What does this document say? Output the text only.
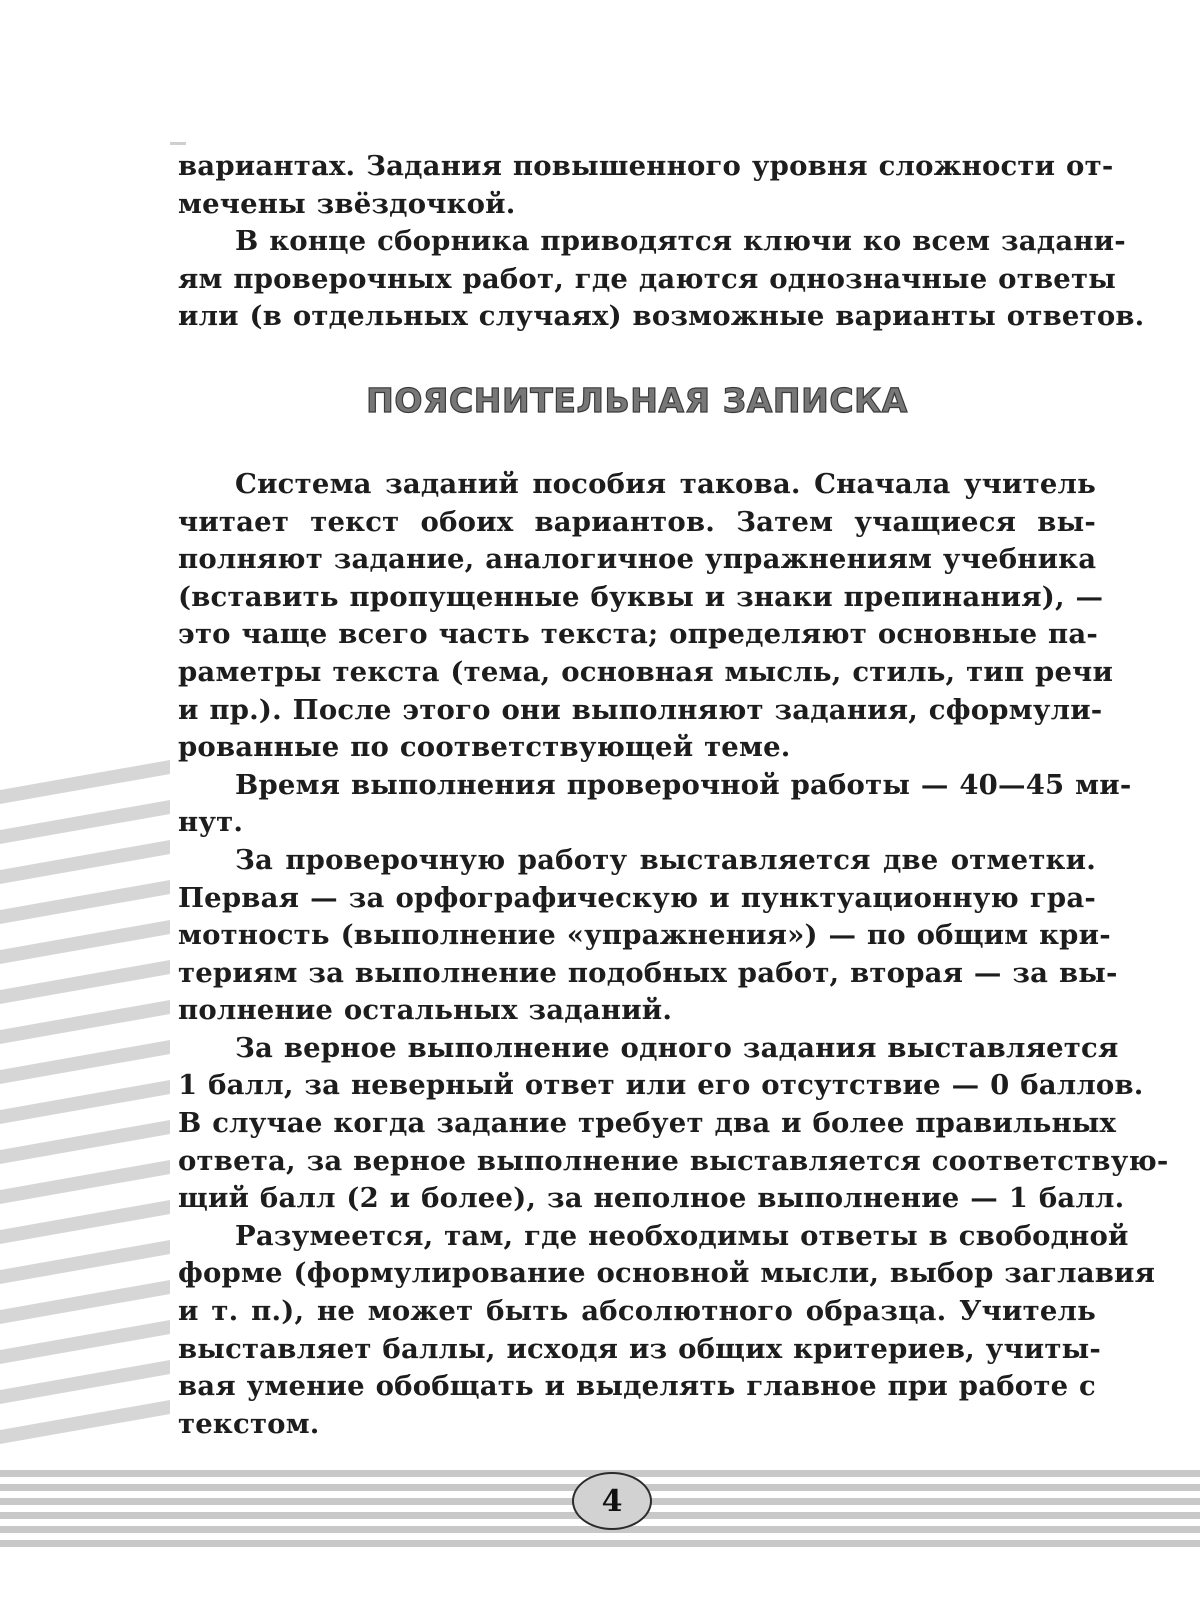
вариантах. Задания повышенного уровня сложности от-
мечены звёздочкой.

В конце сборника приводятся ключи ко всем задани-
ям проверочных работ, где даются однозначные ответы
или (в отдельных случаях) возможные варианты ответов.

ПОЯСНИТЕЛЬНАЯ ЗАПИСКА

Система заданий пособия такова. Сначала учитель
читает текст обоих вариантов. Затем учащиеся вы-
полняют задание, аналогичное упражнениям учебника
(вставить пропущенные буквы и знаки препинания), —
это чаще всего часть текста; определяют основные па-
раметры текста (тема, основная мысль, стиль, тип речи
и пр.). После этого они выполняют задания, сформули-
рованные по соответствующей теме.

Время выполнения проверочной работы — 40—45 ми-
нут.

За проверочную работу выставляется две отметки.
Первая — за орфографическую и пунктуационную гра-
мотность (выполнение «упражнения») — по общим кри-
териям за выполнение подобных работ, вторая — за вы-
полнение остальных заданий.

За верное выполнение одного задания выставляется
1 балл, за неверный ответ или его отсутствие — 0 баллов.
В случае когда задание требует два и более правильных
ответа, за верное выполнение выставляется соответствую-
щий балл (2 и более), за неполное выполнение — 1 балл.

Разумеется, там, где необходимы ответы в свободной
форме (формулирование основной мысли, выбор заглавия
и т. п.), не может быть абсолютного образца. Учитель
выставляет баллы, исходя из общих критериев, учиты-
вая умение обобщать и выделять главное при работе с
текстом.

4
